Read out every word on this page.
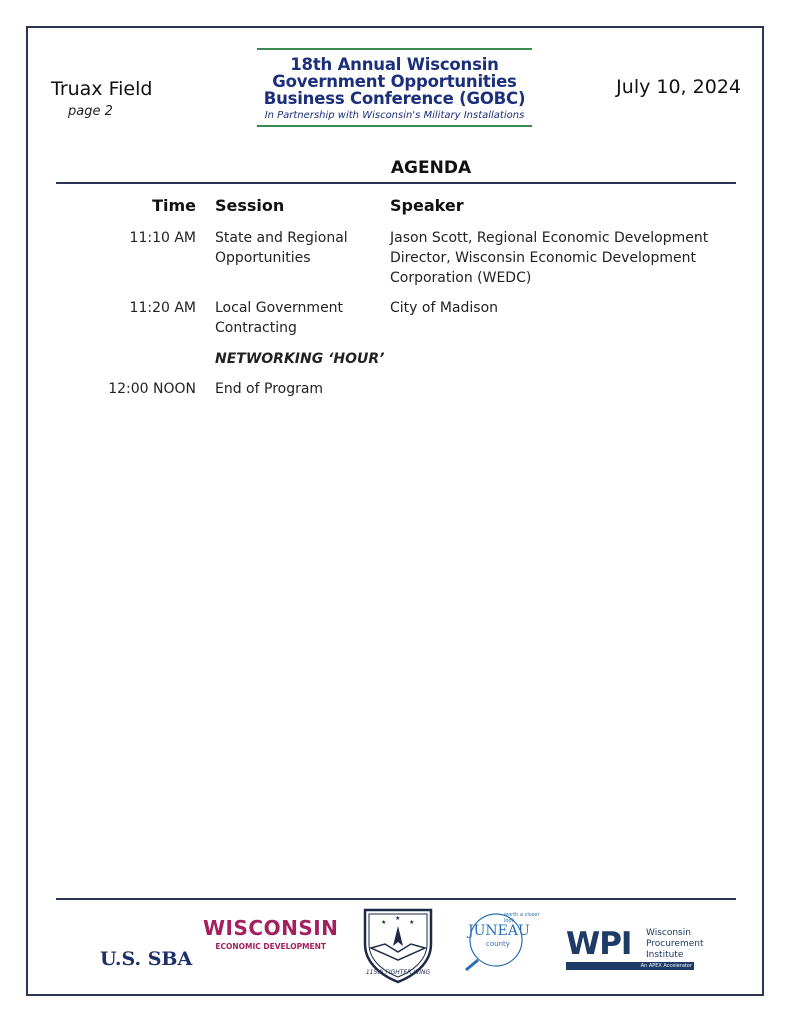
Truax Field
page 2
July 10, 2024
18th Annual Wisconsin
Government Opportunities
Business Conference (GOBC)
In Partnership with Wisconsin's Military Installations
AGENDA
Time Session	Speaker
11:10 AM State and Regional Opportunities
Jason Scott, Regional Economic Development Director, Wisconsin Economic Development Corporation (WEDC)
11:20 AM Local Government Contracting
City of Madison
NETWORKING ‘HOUR’
12:00 NOON End of Program
U.S. SBA
WISCONSIN
ECONOMIC DEVELOPMENT
★
★
★
115th FIGHTER WING
worth a closer look
JUNEAU
county WPI Wisconsin Procurement Institute
An APEX Accelerator
